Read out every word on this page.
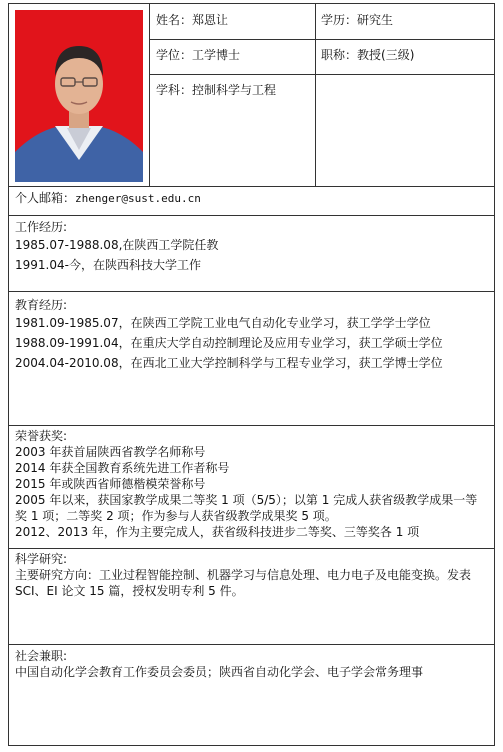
姓名：郑恩让	学历：研究生
学位：工学博士	职称：教授(三级)
学科：控制科学与工程
个人邮箱：zhenger@sust.edu.cn
工作经历:
1985.07-1988.08,在陕西工学院任教
1991.04-今，在陕西科技大学工作
教育经历:
1981.09-1985.07，在陕西工学院工业电气自动化专业学习，获工学学士学位
1988.09-1991.04，在重庆大学自动控制理论及应用专业学习，获工学硕士学位
2004.04-2010.08，在西北工业大学控制科学与工程专业学习，获工学博士学位
荣誉获奖:
2003 年获首届陕西省教学名师称号
2014 年获全国教育系统先进工作者称号
2015 年或陕西省师德楷模荣誉称号
2005 年以来，获国家教学成果二等奖 1 项（5/5）；以第 1 完成人获省级教学成果一等奖 1 项；二等奖 2 项；作为参与人获省级教学成果奖 5 项。
2012、2013 年，作为主要完成人，获省级科技进步二等奖、三等奖各 1 项
科学研究:
主要研究方向：工业过程智能控制、机器学习与信息处理、电力电子及电能变换。发表 SCI、EI 论文 15 篇，授权发明专利 5 件。
社会兼职:
中国自动化学会教育工作委员会委员；陕西省自动化学会、电子学会常务理事
